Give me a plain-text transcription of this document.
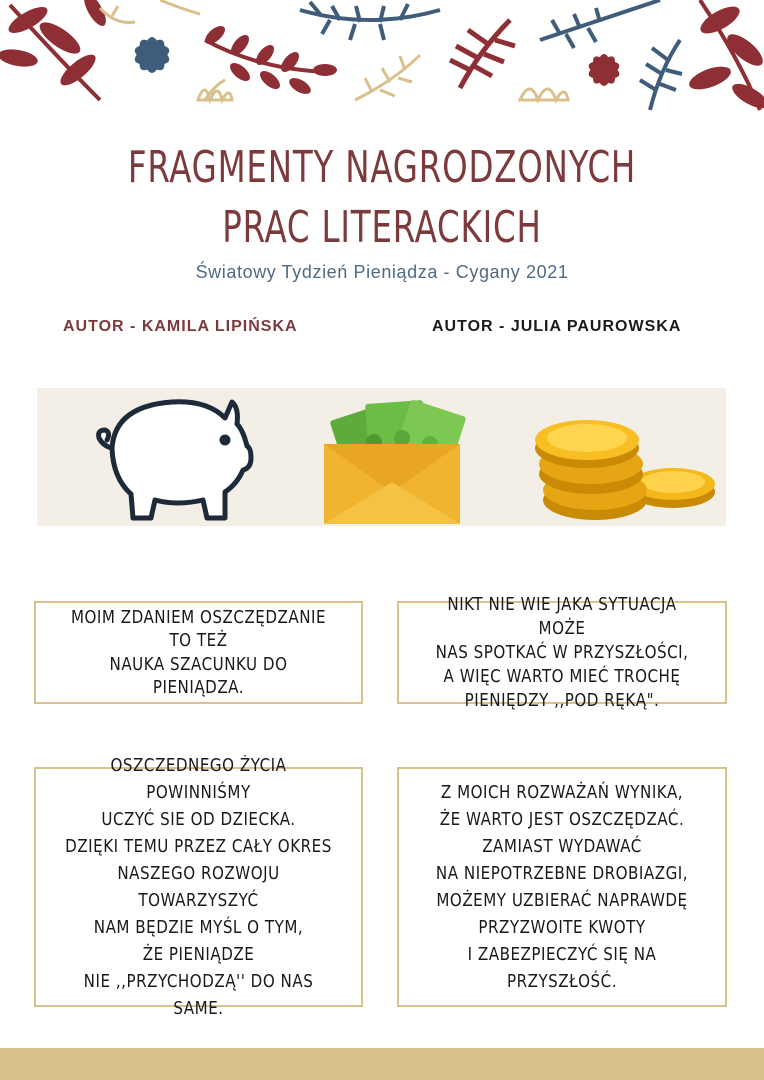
FRAGMENTY NAGRODZONYCH
PRAC LITERACKICH
Światowy Tydzień Pieniądza - Cygany 2021
AUTOR - KAMILA LIPIŃSKA	AUTOR - JULIA PAUROWSKA

MOIM ZDANIEM OSZCZĘDZANIE TO TEŻ
NAUKA SZACUNKU DO PIENIĄDZA.

NIKT NIE WIE JAKA SYTUACJA MOŻE
NAS SPOTKAĆ W PRZYSZŁOŚCI,
A WIĘC WARTO MIEĆ TROCHĘ
PIENIĘDZY ,,POD RĘKĄ".

OSZCZEDNEGO ŻYCIA POWINNIŚMY
UCZYĆ SIE OD DZIECKA.
DZIĘKI TEMU PRZEZ CAŁY OKRES
NASZEGO ROZWOJU TOWARZYSZYĆ
NAM BĘDZIE MYŚL O TYM,
ŻE PIENIĄDZE
NIE ,,PRZYCHODZĄ'' DO NAS SAME.

Z MOICH ROZWAŻAŃ WYNIKA,
ŻE WARTO JEST OSZCZĘDZAĆ.
ZAMIAST WYDAWAĆ
NA NIEPOTRZEBNE DROBIAZGI,
MOŻEMY UZBIERAĆ NAPRAWDĘ
PRZYZWOITE KWOTY
I ZABEZPIECZYĆ SIĘ NA PRZYSZŁOŚĆ.
